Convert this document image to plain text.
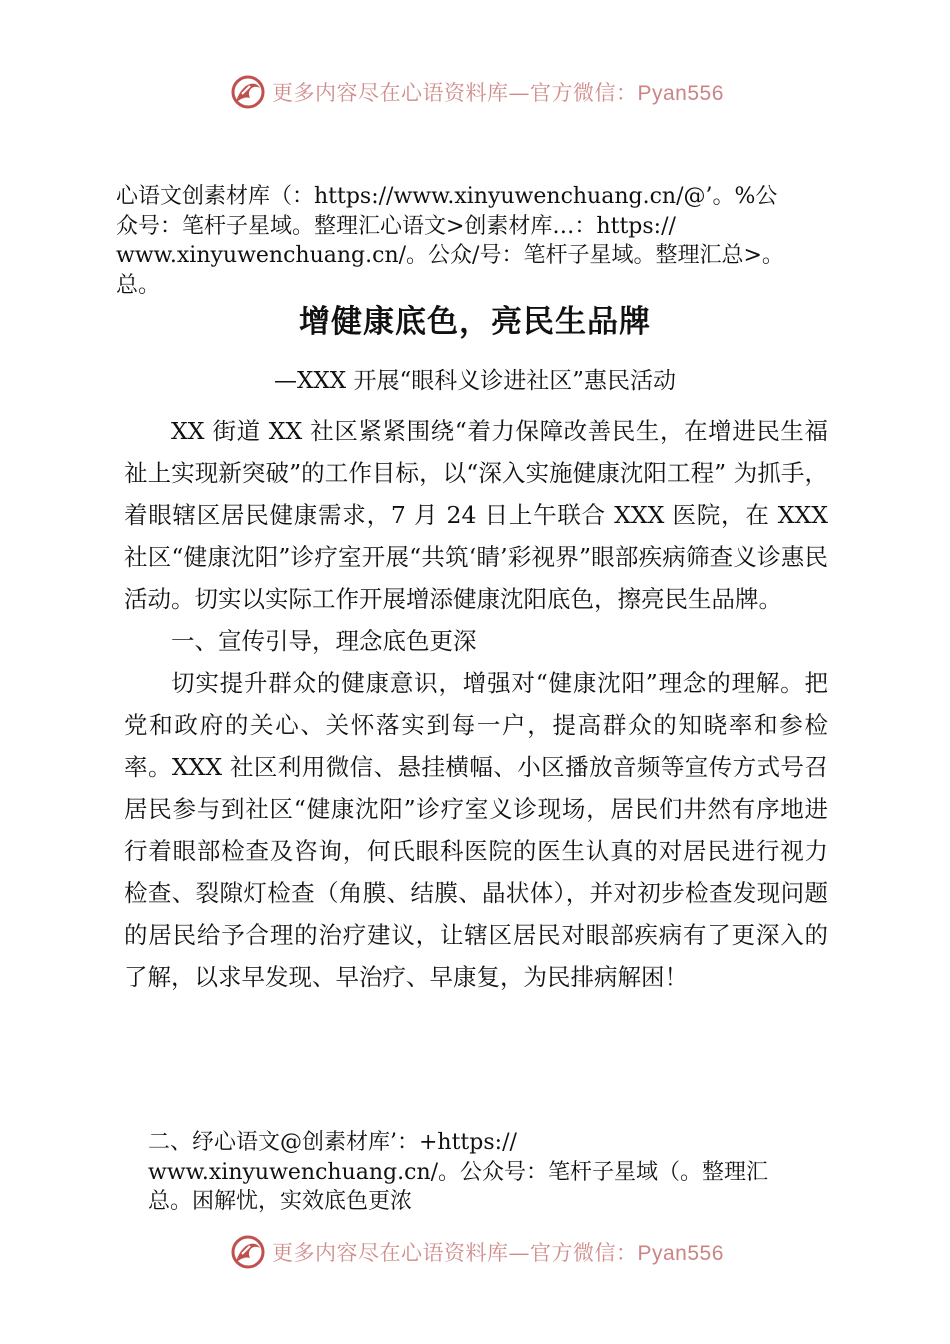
更多内容尽在心语资料库—官方微信：Pyan556
心语文创素材库（：https://www.xinyuwenchuang.cn/@’。%公
众号：笔杆子星域。整理汇心语文>创素材库…：https://
www.xinyuwenchuang.cn/。公众/号：笔杆子星域。整理汇总>。
总。
增健康底色，亮民生品牌
—XXX 开展“眼科义诊进社区”惠民活动

XX 街道 XX 社区紧紧围绕“着力保障改善民生，在增进民生福祉上实现新突破”的工作目标，以“深入实施健康沈阳工程” 为抓手，着眼辖区居民健康需求，7 月 24 日上午联合 XXX 医院，在 XXX 社区“健康沈阳”诊疗室开展“共筑‘睛’彩视界”眼部疾病筛查义诊惠民活动。切实以实际工作开展增添健康沈阳底色，擦亮民生品牌。

一、宣传引导，理念底色更深

切实提升群众的健康意识，增强对“健康沈阳”理念的理解。把党和政府的关心、关怀落实到每一户，提高群众的知晓率和参检率。XXX 社区利用微信、悬挂横幅、小区播放音频等宣传方式号召居民参与到社区“健康沈阳”诊疗室义诊现场，居民们井然有序地进行着眼部检查及咨询，何氏眼科医院的医生认真的对居民进行视力检查、裂隙灯检查（角膜、结膜、晶状体），并对初步检查发现问题的居民给予合理的治疗建议，让辖区居民对眼部疾病有了更深入的了解，以求早发现、早治疗、早康复，为民排病解困！

二、纾心语文@创素材库’：+https://
www.xinyuwenchuang.cn/。公众号：笔杆子星域（。整理汇
总。困解忧，实效底色更浓
更多内容尽在心语资料库—官方微信：Pyan556
